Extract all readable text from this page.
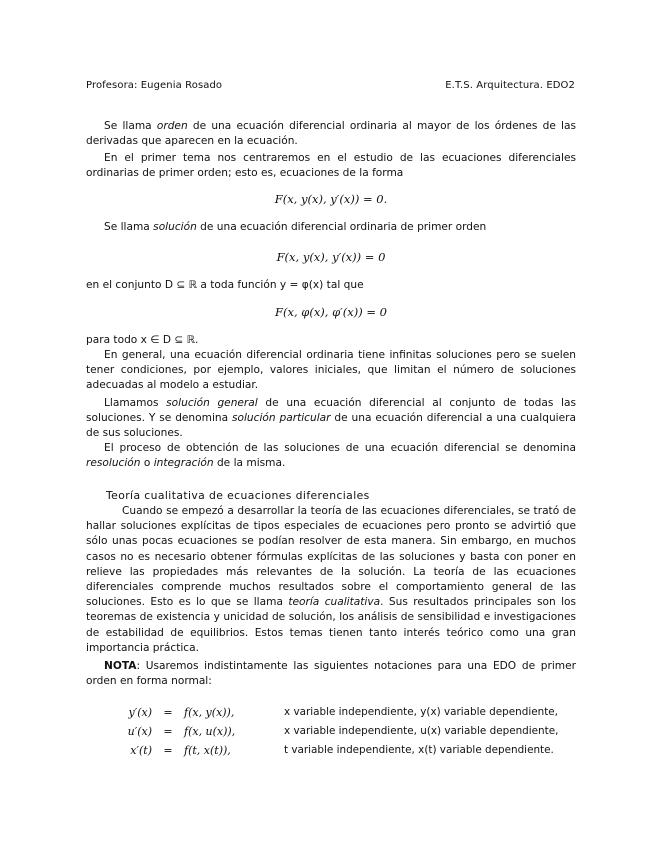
Profesora: Eugenia Rosado	E.T.S. Arquitectura. EDO2
Se llama orden de una ecuación diferencial ordinaria al mayor de los órdenes de las derivadas que aparecen en la ecuación.
En el primer tema nos centraremos en el estudio de las ecuaciones diferenciales ordinarias de primer orden; esto es, ecuaciones de la forma
F(x, y(x), y′(x)) = 0.
Se llama solución de una ecuación diferencial ordinaria de primer orden
F(x, y(x), y′(x)) = 0
en el conjunto D ⊆ ℝ a toda función y = φ(x) tal que
F(x, φ(x), φ′(x)) = 0
para todo x ∈ D ⊆ ℝ.
En general, una ecuación diferencial ordinaria tiene infinitas soluciones pero se suelen tener condiciones, por ejemplo, valores iniciales, que limitan el número de soluciones adecuadas al modelo a estudiar.
Llamamos solución general de una ecuación diferencial al conjunto de todas las soluciones. Y se denomina solución particular de una ecuación diferencial a una cualquiera de sus soluciones.
El proceso de obtención de las soluciones de una ecuación diferencial se denomina resolución o integración de la misma.
Teoría cualitativa de ecuaciones diferenciales
Cuando se empezó a desarrollar la teoría de las ecuaciones diferenciales, se trató de hallar soluciones explícitas de tipos especiales de ecuaciones pero pronto se advirtió que sólo unas pocas ecuaciones se podían resolver de esta manera. Sin embargo, en muchos casos no es necesario obtener fórmulas explícitas de las soluciones y basta con poner en relieve las propiedades más relevantes de la solución. La teoría de las ecuaciones diferenciales comprende muchos resultados sobre el comportamiento general de las soluciones. Esto es lo que se llama teoría cualitativa. Sus resultados principales son los teoremas de existencia y unicidad de solución, los análisis de sensibilidad e investigaciones de estabilidad de equilibrios. Estos temas tienen tanto interés teórico como una gran importancia práctica.
NOTA: Usaremos indistintamente las siguientes notaciones para una EDO de primer orden en forma normal:
y′(x)	=	f(x, y(x)),	x variable independiente, y(x) variable dependiente,
u′(x)	=	f(x, u(x)),	x variable independiente, u(x) variable dependiente,
x′(t)	=	f(t, x(t)),	t variable independiente, x(t) variable dependiente.
